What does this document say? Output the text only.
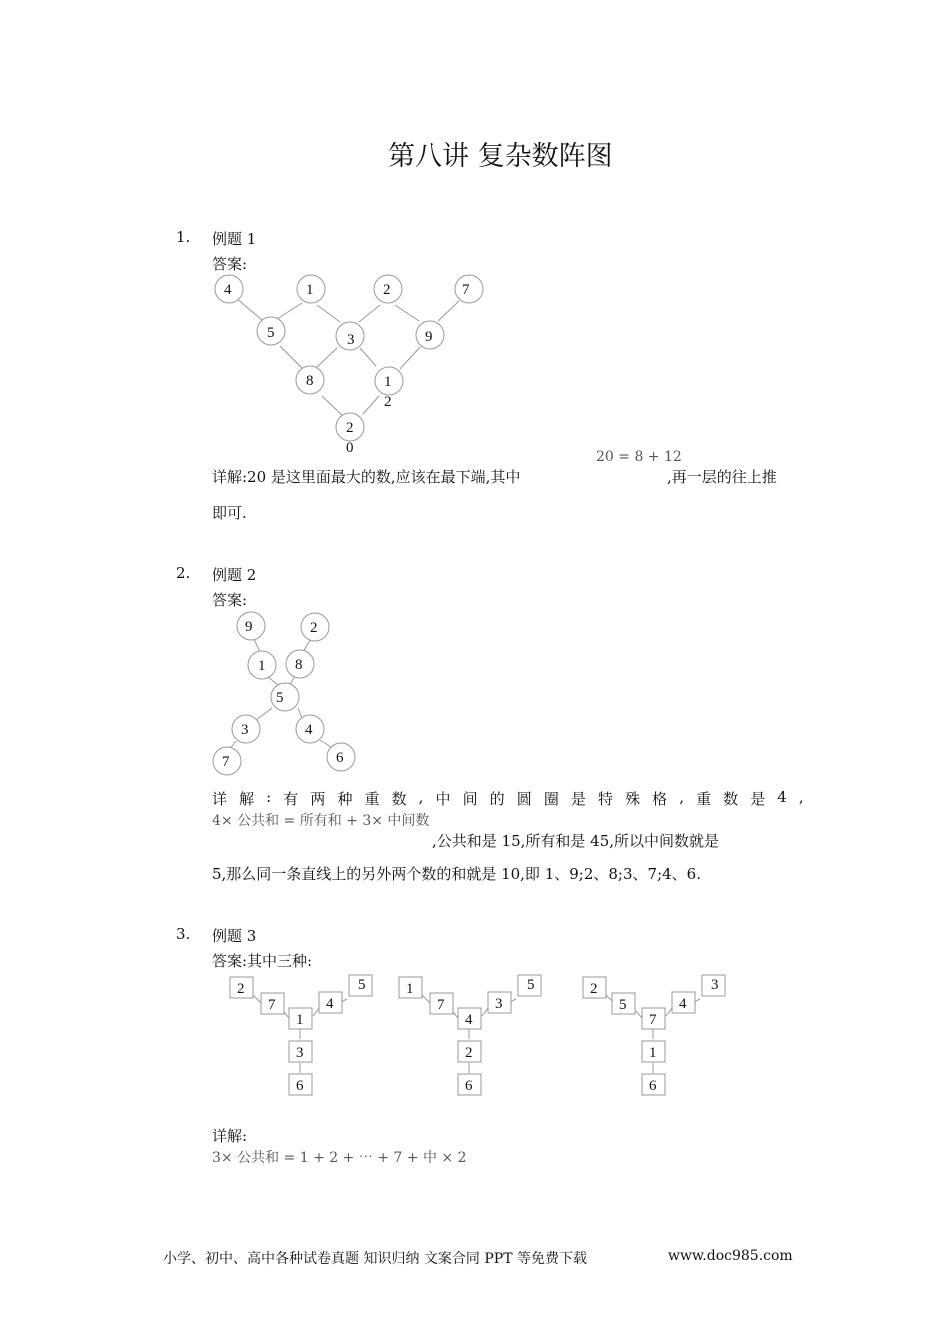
第八讲 复杂数阵图
1. 例题 1
答案:
4	1	2	7
5	3	9
8	1
2
2
0
详解:20 是这里面最大的数,应该在最下端,其中
20 = 8 + 12
,再一层的往上推
即可.
2. 例题 2
答案:
9	2
1 8
5
3	4
7	6
详 解 : 有 两 种 重 数 , 中 间 的 圆 圈 是 特 殊 格 , 重 数 是 4 ,
4× 公共和 = 所有和 + 3× 中间数
,公共和是 15,所有和是 45,所以中间数就是
5,那么同一条直线上的另外两个数的和就是 10,即 1、9;2、8;3、7;4、6.
3. 例题 3
答案:其中三种:
2
7
1
4
5
3
6
1
7
4
3
5
2
6
2
5
7
4
3
1
6
详解:
3× 公共和 = 1 + 2 + ⋯ + 7 + 中 × 2
小学、初中、高中各种试卷真题 知识归纳 文案合同 PPT 等免费下载	www.doc985.com
